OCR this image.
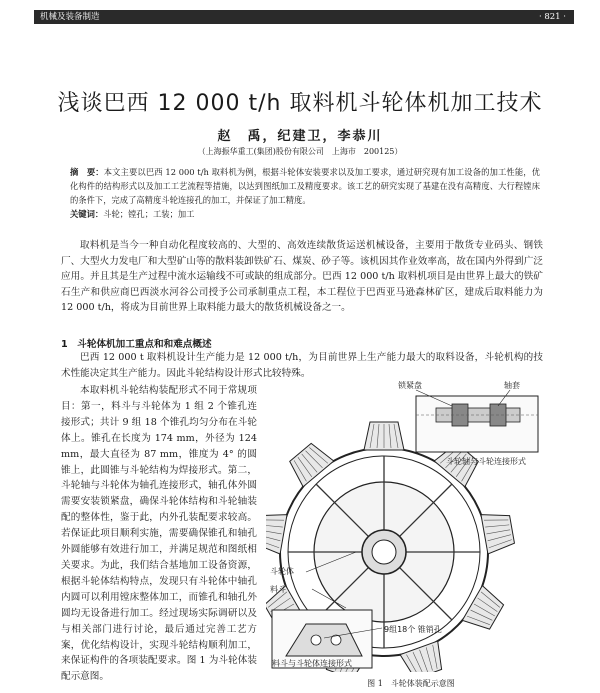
机械及装备制造	· 821 ·
浅谈巴西 12 000 t/h 取料机斗轮体机加工技术
赵　禹，纪建卫，李恭川
（上海振华重工(集团)股份有限公司　上海市　200125）
摘　要：本文主要以巴西 12 000 t/h 取料机为例，根据斗轮体安装要求以及加工要求，通过研究现有加工设备的加工性能，优化构件的结构形式以及加工工艺流程等措施，以达到图纸加工及精度要求。该工艺的研究实现了基建在没有高精度、大行程镗床的条件下，完成了高精度斗轮连接孔的加工，并保证了加工精度。
关键词：斗轮；镗孔；工装；加工
取料机是当今一种自动化程度较高的、大型的、高效连续散货运送机械设备，主要用于散货专业码头、钢铁厂、大型火力发电厂和大型矿山等的散料装卸铁矿石、煤炭、砂子等。该机因其作业效率高，故在国内外得到广泛应用。并且其是生产过程中流水运输线不可或缺的组成部分。巴西 12 000 t/h 取料机项目是由世界上最大的铁矿石生产和供应商巴西淡水河谷公司授予公司承制重点工程，本工程位于巴西亚马逊森林矿区，建成后取料能力为 12 000 t/h，将成为目前世界上取料能力最大的散货机械设备之一。
1　斗轮体机加工重点和和难点概述
巴西 12 000 t 取料机设计生产能力是 12 000 t/h，为目前世界上生产能力最大的取料设备，斗轮机构的技术性能决定其生产能力。因此斗轮结构设计形式比较特殊。
本取料机斗轮结构装配形式不同于常规项目：第一，料斗与斗轮体为 1 组 2 个锥孔连接形式；共计 9 组 18 个锥孔均匀分布在斗轮体上。锥孔在长度为 174 mm，外径为 124 mm，最大直径为 87 mm，锥度为 4° 的圆锥上，此圆锥与斗轮结构为焊接形式。第二，斗轮轴与斗轮体为轴孔连接形式，轴孔体外圆需要安装锁紧盘，确保斗轮体结构和斗轮轴装配的整体性，鉴于此，内外孔装配要求较高。若保证此项目顺利实施，需要确保锥孔和轴孔外圆能够有效进行加工，并满足规范和图纸相关要求。为此，我们结合基地加工设备资源，根据斗轮体结构特点，发现只有斗轮体中轴孔内圆可以利用镗床整体加工，而锥孔和轴孔外圆均无设备进行加工。经过现场实际调研以及与相关部门进行讨论，最后通过完善工艺方案，优化结构设计，实现斗轮结构顺利加工，来保证构件的各项装配要求。图 1 为斗轮体装配示意图。
锁紧盘	轴套
斗轮轴与斗轮连接形式
斗轮体
料斗
9组18个 锥销孔
料斗与斗轮体连接形式
图 1　斗轮体装配示意图
